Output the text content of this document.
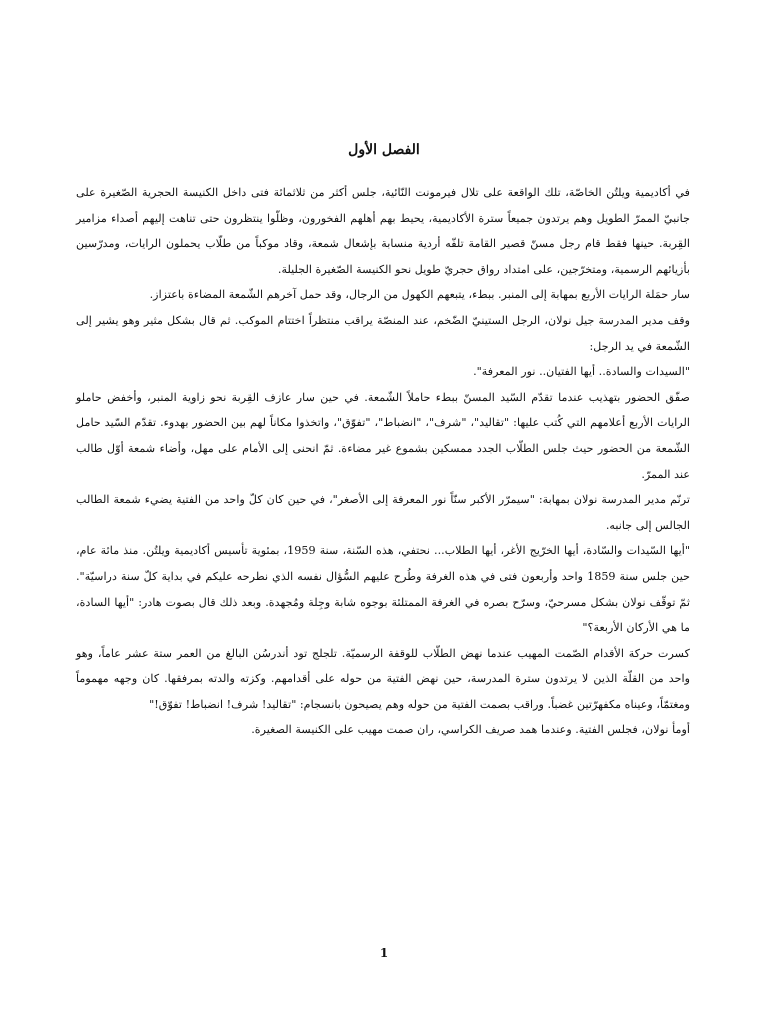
الفصل الأول

في أكاديمية ويلتُن الخاصّة، تلك الواقعة على تلال فيرمونت النّائية، جلس أكثر من ثلاثمائة فتى داخل الكنيسة الحجرية الصّغيرة على جانبيّ الممرّ الطويل وهم يرتدون جميعاً سترة الأكاديمية، يحيط بهم أهلهم الفخورون، وظلّوا ينتظرون حتى تناهت إليهم أصداء مزامير القِربة. حينها فقط قام رجل مسنّ قصير القامة تلفّه أردية منسابة بإشعال شمعة، وقاد موكباً من طلّاب يحملون الرايات، ومدرّسين بأزيائهم الرسمية، ومتخرّجين، على امتداد رواق حجريّ طويل نحو الكنيسة الصّغيرة الجليلة.

سار حمَلة الرايات الأربع بمهابة إلى المنبر. ببطء، يتبعهم الكهول من الرجال، وقد حمل آخرهم الشّمعة المضاءة باعتزاز.

وقف مدير المدرسة جيل نولان، الرجل الستينيّ الضّخم، عند المنصّة يراقب منتظراً اختتام الموكب. ثم قال بشكل مثير وهو يشير إلى الشّمعة في يد الرجل:

"السيدات والسادة.. أيها الفتيان.. نور المعرفة".

صفّق الحضور بتهذيب عندما تقدّم السّيد المسنّ ببطء حاملاً الشّمعة. في حين سار عازف القِربة نحو زاوية المنبر، وأخفض حاملو الرايات الأربع أعلامهم التي كُتب عليها: "تقاليد"، "شرف"، "انضباط"، "تفوّق"، واتخذوا مكاناً لهم بين الحضور بهدوء. تقدّم السّيد حامل الشّمعة من الحضور حيث جلس الطلّاب الجدد ممسكين بشموع غير مضاءة. ثمّ انحنى إلى الأمام على مهل، وأضاء شمعة أوّل طالب عند الممرّ.

ترنّم مدير المدرسة نولان بمهابة: "سيمرّر الأكبر سنّاً نور المعرفة إلى الأصغر"، في حين كان كلّ واحد من الفتية يضيء شمعة الطالب الجالس إلى جانبه.

"أيها السّيدات والسّادة، أيها الخرّيج الأغر، أيها الطلاب... نحتفي، هذه السّنة، سنة 1959، بمئوية تأسيس أكاديمية ويلتُن. منذ مائة عام، حين جلس سنة 1859 واحد وأربعون فتى في هذه الغرفة وطُرح عليهم السُّؤال نفسه الذي نطرحه عليكم في بداية كلّ سنة دراسيّة". ثمّ توقّف نولان بشكل مسرحيّ، وسرّح بصره في الغرفة الممتلئة بوجوه شابة وجِلة ومُجهدة. وبعد ذلك قال بصوت هادر: "أيها السادة، ما هي الأركان الأربعة؟"

كسرت حركة الأقدام الصّمت المهيب عندما نهض الطلّاب للوقفة الرسميّة. تلجلج تود أندرسُن البالغ من العمر ستة عشر عاماً، وهو واحد من القلّة الذين لا يرتدون سترة المدرسة، حين نهض الفتية من حوله على أقدامهم. وكزته والدته بمرفقها. كان وجهه مهموماً ومغتمّاً، وعيناه مكفهرّتين غضباً. وراقب بصمت الفتية من حوله وهم يصيحون بانسجام: "تقاليد! شرف! انضباط! تفوّق!"

أومأ نولان، فجلس الفتية. وعندما همد صريف الكراسي، ران صمت مهيب على الكنيسة الصغيرة.

1
